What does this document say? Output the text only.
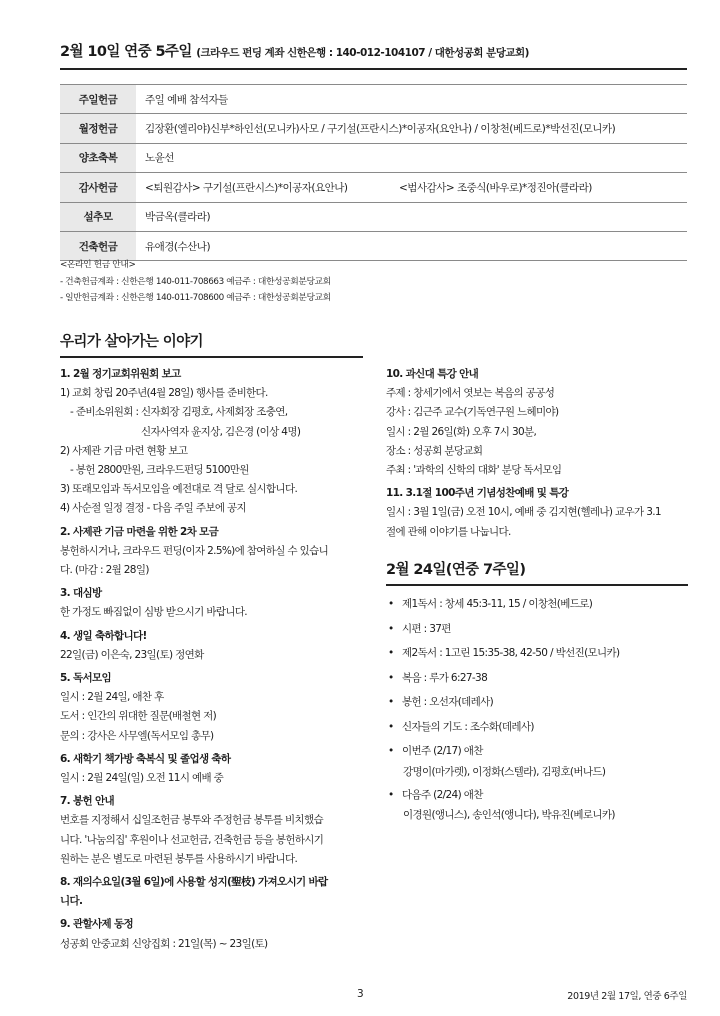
2월 10일 연중 5주일 (크라우드 펀딩 계좌 신한은행 : 140-012-104107 / 대한성공회 분당교회)
주일헌금	주일 예배 참석자들
월정헌금	김장환(엘리야)신부*하인선(모니카)사모 / 구기설(프란시스)*이공자(요안나) / 이창천(베드로)*박선진(모니카)
양초축복	노윤선
감사헌금	<퇴원감사> 구기설(프란시스)*이공자(요안나) <범사감사> 조중식(바우로)*정진아(클라라)
설추모	박금옥(클라라)
건축헌금	유애경(수산나)
<온라인 헌금 안내>
- 건축헌금계좌 : 신한은행 140-011-708663 예금주 : 대한성공회분당교회
- 일반헌금계좌 : 신한은행 140-011-708600 예금주 : 대한성공회분당교회
우리가 살아가는 이야기
1. 2월 정기교회위원회 보고
1) 교회 창립 20주년(4월 28일) 행사를 준비한다.
- 준비소위원회 : 신자회장 김평호, 사제회장 조충연,
신자사역자 윤지상, 김은경 (이상 4명)
2) 사제관 기금 마련 현황 보고
- 봉헌 2800만원, 크라우드펀딩 5100만원
3) 또래모임과 독서모임을 예전대로 격 달로 실시합니다.
4) 사순절 일정 결정 - 다음 주일 주보에 공지
2. 사제관 기금 마련을 위한 2차 모금
봉헌하시거나, 크라우드 펀딩(이자 2.5%)에 참여하실 수 있습니
다. (마감 : 2월 28일)
3. 대심방
한 가정도 빠짐없이 심방 받으시기 바랍니다.
4. 생일 축하합니다!
22일(금) 이은숙, 23일(토) 정연화
5. 독서모임
일시 : 2월 24일, 애찬 후
도서 : 인간의 위대한 질문(배철현 저)
문의 : 강사은 사무엘(독서모임 총무)
6. 새학기 책가방 축복식 및 졸업생 축하
일시 : 2월 24일(일) 오전 11시 예배 중
7. 봉헌 안내
번호를 지정해서 십일조헌금 봉투와 주정헌금 봉투를 비치했습
니다. '나눔의집' 후원이나 선교헌금, 건축헌금 등을 봉헌하시기
원하는 분은 별도로 마련된 봉투를 사용하시기 바랍니다.
8. 재의수요일(3월 6일)에 사용할 성지(聖枝) 가져오시기 바랍
니다.
9. 관할사제 동정
성공회 안중교회 신앙집회 : 21일(목) ~ 23일(토)
10. 과신대 특강 안내
주제 : 창세기에서 엿보는 복음의 공공성
강사 : 김근주 교수(기독연구원 느헤미야)
일시 : 2월 26일(화) 오후 7시 30분,
장소 : 성공회 분당교회
주최 : '과학의 신학의 대화' 분당 독서모임
11. 3.1절 100주년 기념성찬예배 및 특강
일시 : 3월 1일(금) 오전 10시, 예배 중 김지현(헬레나) 교우가 3.1
절에 관해 이야기를 나눕니다.
2월 24일(연중 7주일)
• 제1독서 : 창세 45:3-11, 15 / 이창천(베드로)
• 시편 : 37편
• 제2독서 : 1고린 15:35-38, 42-50 / 박선진(모니카)
• 복음 : 루가 6:27-38
• 봉헌 : 오선자(데레사)
• 신자들의 기도 : 조수화(데레사)
• 이번주 (2/17) 애찬
강명이(마가렛), 이정화(스텔라), 김평호(버나드)
• 다음주 (2/24) 애찬
이경원(앵니스), 송인석(앵니다), 박유진(베로니카)
3	2019년 2월 17일, 연중 6주일
